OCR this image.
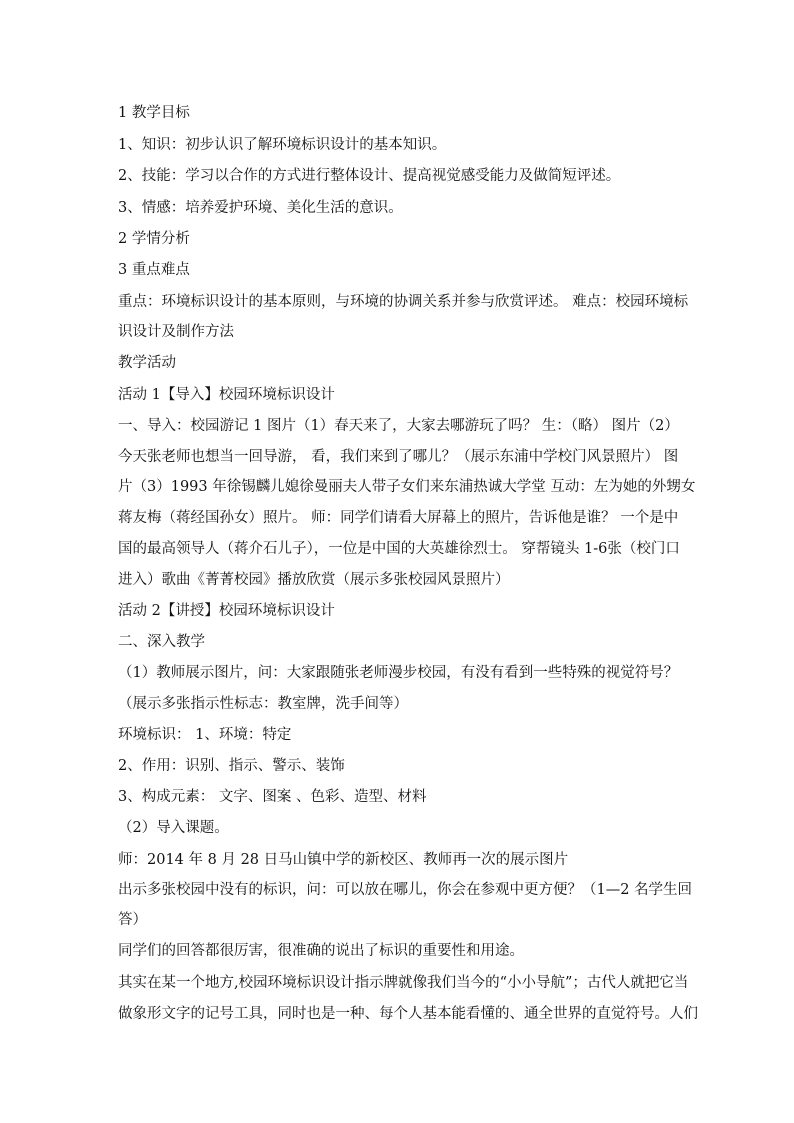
1 教学目标
1、知识：初步认识了解环境标识设计的基本知识。
2、技能：学习以合作的方式进行整体设计、提高视觉感受能力及做简短评述。
3、情感：培养爱护环境、美化生活的意识。
2 学情分析
3 重点难点
重点：环境标识设计的基本原则，与环境的协调关系并参与欣赏评述。 难点：校园环境标
识设计及制作方法
教学活动
活动 1【导入】校园环境标识设计
一、导入：校园游记 1 图片（1）春天来了，大家去哪游玩了吗？ 生：（略） 图片（2）
今天张老师也想当一回导游， 看，我们来到了哪儿？（展示东浦中学校门风景照片） 图
片（3）1993 年徐锡麟儿媳徐曼丽夫人带子女们来东浦热诚大学堂 互动：左为她的外甥女
蒋友梅（蒋经国孙女）照片。 师：同学们请看大屏幕上的照片，告诉他是谁？ 一个是中
国的最高领导人（蒋介石儿子），一位是中国的大英雄徐烈士。 穿帮镜头 1-6张（校门口
进入）歌曲《菁菁校园》播放欣赏（展示多张校园风景照片）
活动 2【讲授】校园环境标识设计
二、深入教学
（1）教师展示图片，问：大家跟随张老师漫步校园，有没有看到一些特殊的视觉符号？
（展示多张指示性标志：教室牌，洗手间等）
环境标识： 1、环境：特定
2、作用：识别、指示、警示、装饰
3、构成元素： 文字、图案 、色彩、造型、材料
（2）导入课题。
师：2014 年 8 月 28 日马山镇中学的新校区、教师再一次的展示图片
出示多张校园中没有的标识，问：可以放在哪儿，你会在参观中更方便？（1—2 名学生回
答）
同学们的回答都很厉害，很准确的说出了标识的重要性和用途。
其实在某一个地方,校园环境标识设计指示牌就像我们当今的“小小导航”；古代人就把它当
做象形文字的记号工具，同时也是一种、每个人基本能看懂的、通全世界的直觉符号。人们
